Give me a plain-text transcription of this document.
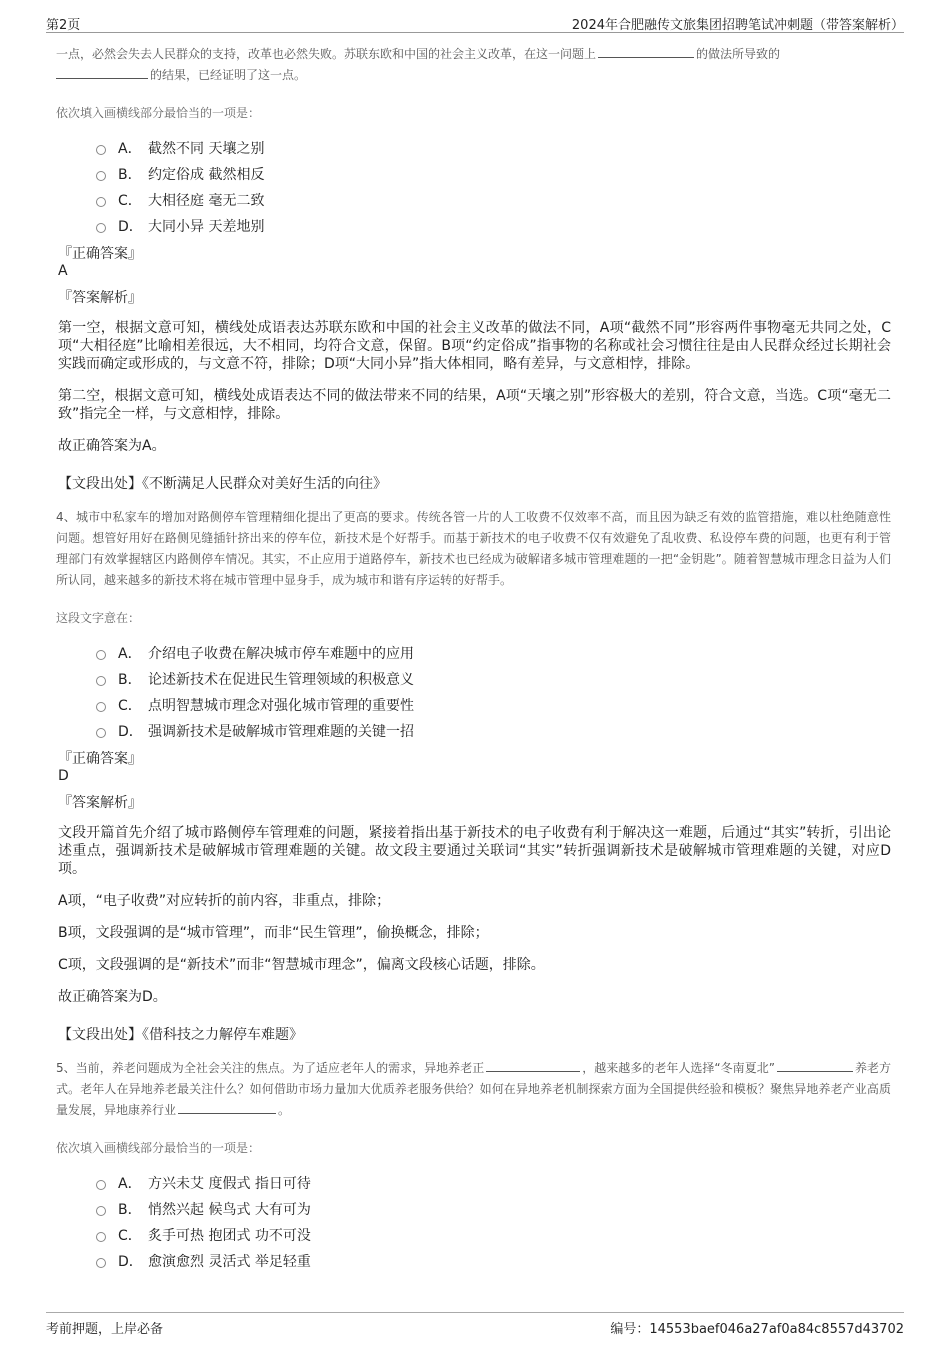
第2页	2024年合肥融传文旅集团招聘笔试冲刺题（带答案解析）

一点，必然会失去人民群众的支持，改革也必然失败。苏联东欧和中国的社会主义改革，在这一问题上	的做法所导致的
的结果，已经证明了这一点。

依次填入画横线部分最恰当的一项是：
A． 截然不同 天壤之别
B． 约定俗成 截然相反
C． 大相径庭 毫无二致
D． 大同小异 天差地别
『正确答案』
A
『答案解析』

第一空，根据文意可知，横线处成语表达苏联东欧和中国的社会主义改革的做法不同，A项“截然不同”形容两件事物毫无共同之处，C项“大相径庭”比喻相差很远，大不相同，均符合文意，保留。B项“约定俗成”指事物的名称或社会习惯往往是由人民群众经过长期社会实践而确定或形成的，与文意不符，排除；D项“大同小异”指大体相同，略有差异，与文意相悖，排除。

第二空，根据文意可知，横线处成语表达不同的做法带来不同的结果，A项“天壤之别”形容极大的差别，符合文意，当选。C项“毫无二致”指完全一样，与文意相悖，排除。

故正确答案为A。

【文段出处】《不断满足人民群众对美好生活的向往》

4、城市中私家车的增加对路侧停车管理精细化提出了更高的要求。传统各管一片的人工收费不仅效率不高，而且因为缺乏有效的监管措施，难以杜绝随意性问题。想管好用好在路侧见缝插针挤出来的停车位，新技术是个好帮手。而基于新技术的电子收费不仅有效避免了乱收费、私设停车费的问题，也更有利于管理部门有效掌握辖区内路侧停车情况。其实，不止应用于道路停车，新技术也已经成为破解诸多城市管理难题的一把“金钥匙”。随着智慧城市理念日益为人们所认同，越来越多的新技术将在城市管理中显身手，成为城市和谐有序运转的好帮手。

这段文字意在：
A． 介绍电子收费在解决城市停车难题中的应用
B． 论述新技术在促进民生管理领域的积极意义
C． 点明智慧城市理念对强化城市管理的重要性
D． 强调新技术是破解城市管理难题的关键一招
『正确答案』
D
『答案解析』

文段开篇首先介绍了城市路侧停车管理难的问题，紧接着指出基于新技术的电子收费有利于解决这一难题，后通过“其实”转折，引出论述重点，强调新技术是破解城市管理难题的关键。故文段主要通过关联词“其实”转折强调新技术是破解城市管理难题的关键，对应D项。

A项，“电子收费”对应转折的前内容，非重点，排除；

B项，文段强调的是“城市管理”，而非“民生管理”，偷换概念，排除；

C项，文段强调的是“新技术”而非“智慧城市理念”，偏离文段核心话题，排除。

故正确答案为D。

【文段出处】《借科技之力解停车难题》

5、当前，养老问题成为全社会关注的焦点。为了适应老年人的需求，异地养老正	，越来越多的老年人选择“冬南夏北”	养老方式。老年人在异地养老最关注什么？如何借助市场力量加大优质养老服务供给？如何在异地养老机制探索方面为全国提供经验和模板？聚焦异地养老产业高质量发展，异地康养行业	。

依次填入画横线部分最恰当的一项是：
A． 方兴未艾 度假式 指日可待
B． 悄然兴起 候鸟式 大有可为
C． 炙手可热 抱团式 功不可没
D． 愈演愈烈 灵活式 举足轻重
考前押题，上岸必备	编号：14553baef046a27af0a84c8557d43702
